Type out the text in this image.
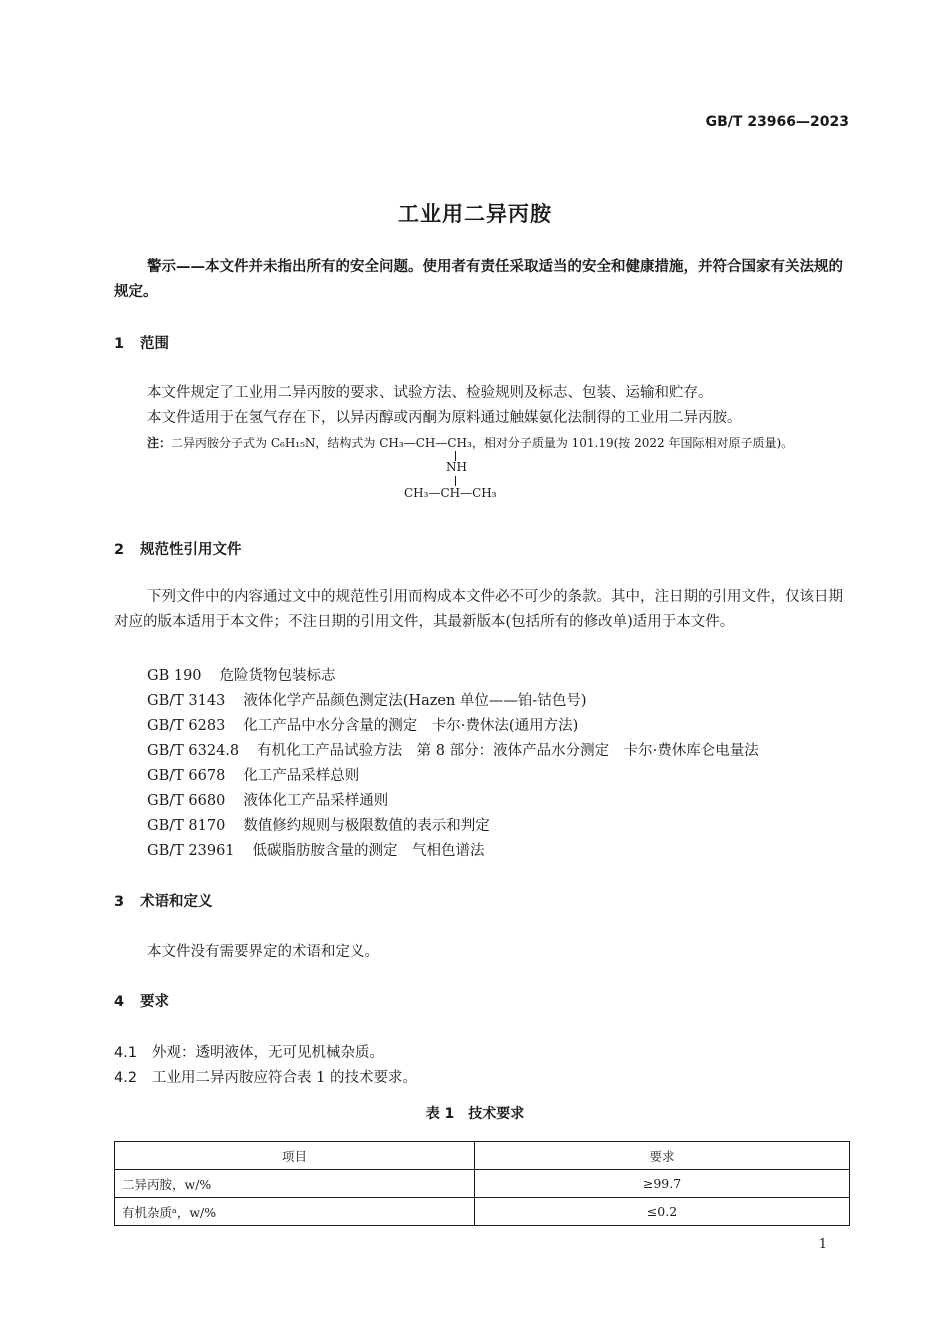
GB/T 23966—2023
工业用二异丙胺
警示——本文件并未指出所有的安全问题。使用者有责任采取适当的安全和健康措施，并符合国家有关法规的规定。
1 范围
本文件规定了工业用二异丙胺的要求、试验方法、检验规则及标志、包装、运输和贮存。
本文件适用于在氢气存在下，以异丙醇或丙酮为原料通过触媒氨化法制得的工业用二异丙胺。
注：二异丙胺分子式为 C₆H₁₅N，结构式为 CH₃—CH—CH₃，相对分子质量为 101.19(按 2022 年国际相对原子质量)。
NH
CH₃—CH—CH₃
2 规范性引用文件
下列文件中的内容通过文中的规范性引用而构成本文件必不可少的条款。其中，注日期的引用文件，仅该日期对应的版本适用于本文件；不注日期的引用文件，其最新版本(包括所有的修改单)适用于本文件。
GB 190 危险货物包装标志
GB/T 3143 液体化学产品颜色测定法(Hazen 单位——铂-钴色号)
GB/T 6283 化工产品中水分含量的测定　卡尔·费休法(通用方法)
GB/T 6324.8 有机化工产品试验方法　第 8 部分：液体产品水分测定　卡尔·费休库仑电量法
GB/T 6678 化工产品采样总则
GB/T 6680 液体化工产品采样通则
GB/T 8170 数值修约规则与极限数值的表示和判定
GB/T 23961 低碳脂肪胺含量的测定　气相色谱法
3 术语和定义
本文件没有需要界定的术语和定义。
4 要求
4.1 外观：透明液体，无可见机械杂质。
4.2 工业用二异丙胺应符合表 1 的技术要求。
表 1　技术要求
项目	要求
二异丙胺，w/%	≥99.7
有机杂质ᵃ，w/%	≤0.2
1
